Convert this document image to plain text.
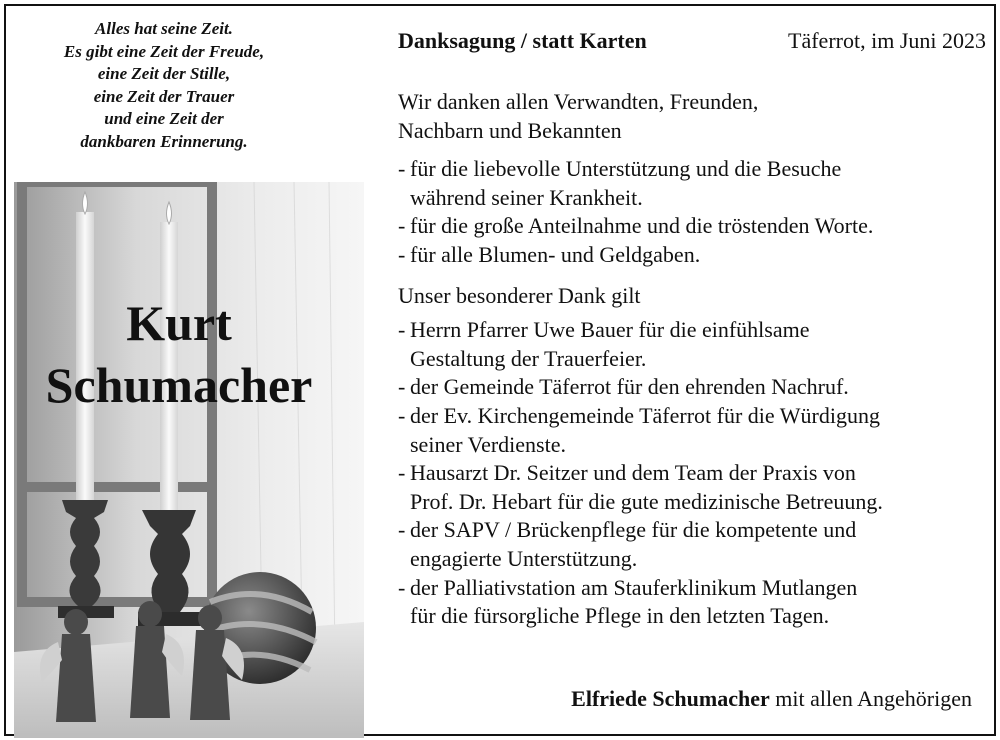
Alles hat seine Zeit.
Es gibt eine Zeit der Freude,
eine Zeit der Stille,
eine Zeit der Trauer
und eine Zeit der
dankbaren Erinnerung.
Kurt
Schumacher
Danksagung / statt Karten	Täferrot, im Juni 2023
Wir danken allen Verwandten, Freunden,
Nachbarn und Bekannten
- für die liebevolle Unterstützung und die Besuche
während seiner Krankheit.
- für die große Anteilnahme und die tröstenden Worte.
- für alle Blumen- und Geldgaben.
Unser besonderer Dank gilt
- Herrn Pfarrer Uwe Bauer für die einfühlsame
Gestaltung der Trauerfeier.
- der Gemeinde Täferrot für den ehrenden Nachruf.
- der Ev. Kirchengemeinde Täferrot für die Würdigung
seiner Verdienste.
- Hausarzt Dr. Seitzer und dem Team der Praxis von
Prof. Dr. Hebart für die gute medizinische Betreuung.
- der SAPV / Brückenpflege für die kompetente und
engagierte Unterstützung.
- der Palliativstation am Stauferklinikum Mutlangen
für die fürsorgliche Pflege in den letzten Tagen.
Elfriede Schumacher mit allen Angehörigen
